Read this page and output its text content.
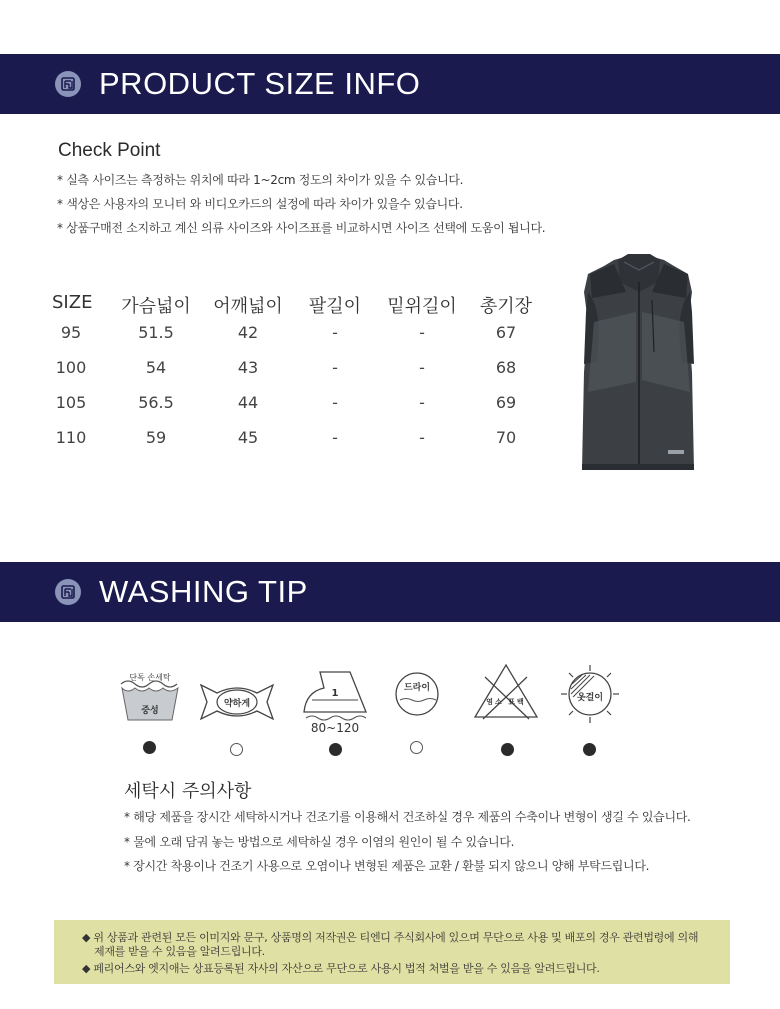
PRODUCT SIZE INFO
Check Point
* 실측 사이즈는 측정하는 위치에 따라 1~2cm 정도의 차이가 있을 수 있습니다.
* 색상은 사용자의 모니터 와 비디오카드의 설정에 따라 차이가 있을수 있습니다.
* 상품구매전 소지하고 계신 의류 사이즈와 사이즈표를 비교하시면 사이즈 선택에 도움이 됩니다.
SIZE	가슴넓이	어깨넓이	팔길이	밑위길이	총기장
95	51.5	42	-	-	67
100	54	43	-	-	68
105	56.5	44	-	-	69
110	59	45	-	-	70
WASHING TIP
단독 손세탁
중성
약하게
1
80~120
드라이
염소 표백	옷걸이
세탁시 주의사항
* 해당 제품을 장시간 세탁하시거나 건조기를 이용해서 건조하실 경우 제품의 수축이나 변형이 생길 수 있습니다.
* 물에 오래 담궈 놓는 방법으로 세탁하실 경우 이염의 원인이 될 수 있습니다.
* 장시간 착용이나 건조기 사용으로 오염이나 변형된 제품은 교환 / 환불 되지 않으니 양해 부탁드립니다.
◆ 위 상품과 관련된 모든 이미지와 문구, 상품명의 저작권은 티엔디 주식회사에 있으며 무단으로 사용 및 배포의 경우 관련법령에 의해
제재를 받을 수 있음을 알려드립니다.
◆ 페리어스와 엣지애는 상표등록된 자사의 자산으로 무단으로 사용시 법적 처벌을 받을 수 있음을 알려드립니다.
